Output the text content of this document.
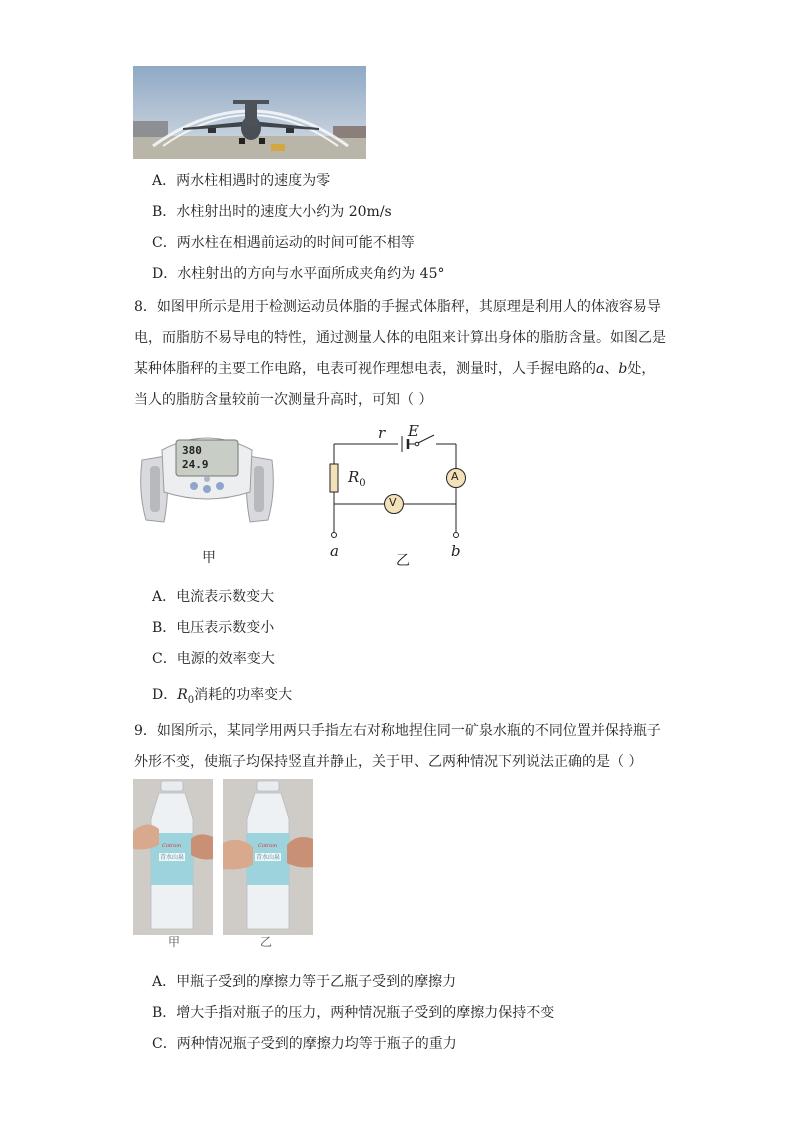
A．两水柱相遇时的速度为零
B．水柱射出时的速度大小约为 20m/s
C．两水柱在相遇前运动的时间可能不相等
D．水柱射出的方向与水平面所成夹角约为 45°
8．如图甲所示是用于检测运动员体脂的手握式体脂秤，其原理是利用人的体液容易导
电，而脂肪不易导电的特性，通过测量人体的电阻来计算出身体的脂肪含量。如图乙是
某种体脂秤的主要工作电路，电表可视作理想电表，测量时，人手握电路的a、b处，
当人的脂肪含量较前一次测量升高时，可知（ ）
380
24.9
甲
r E
$R_0$
A
V
a	b
乙
A．电流表示数变大
B．电压表示数变小
C．电源的效率变大
D．$R_0$消耗的功率变大
9．如图所示，某同学用两只手指左右对称地捏住同一矿泉水瓶的不同位置并保持瓶子
外形不变，使瓶子均保持竖直并静止，关于甲、乙两种情况下列说法正确的是（ ）
青水山泉
Cotrion
青水山泉
Cotrion
甲	乙
A．甲瓶子受到的摩擦力等于乙瓶子受到的摩擦力
B．增大手指对瓶子的压力，两种情况瓶子受到的摩擦力保持不变
C．两种情况瓶子受到的摩擦力均等于瓶子的重力
